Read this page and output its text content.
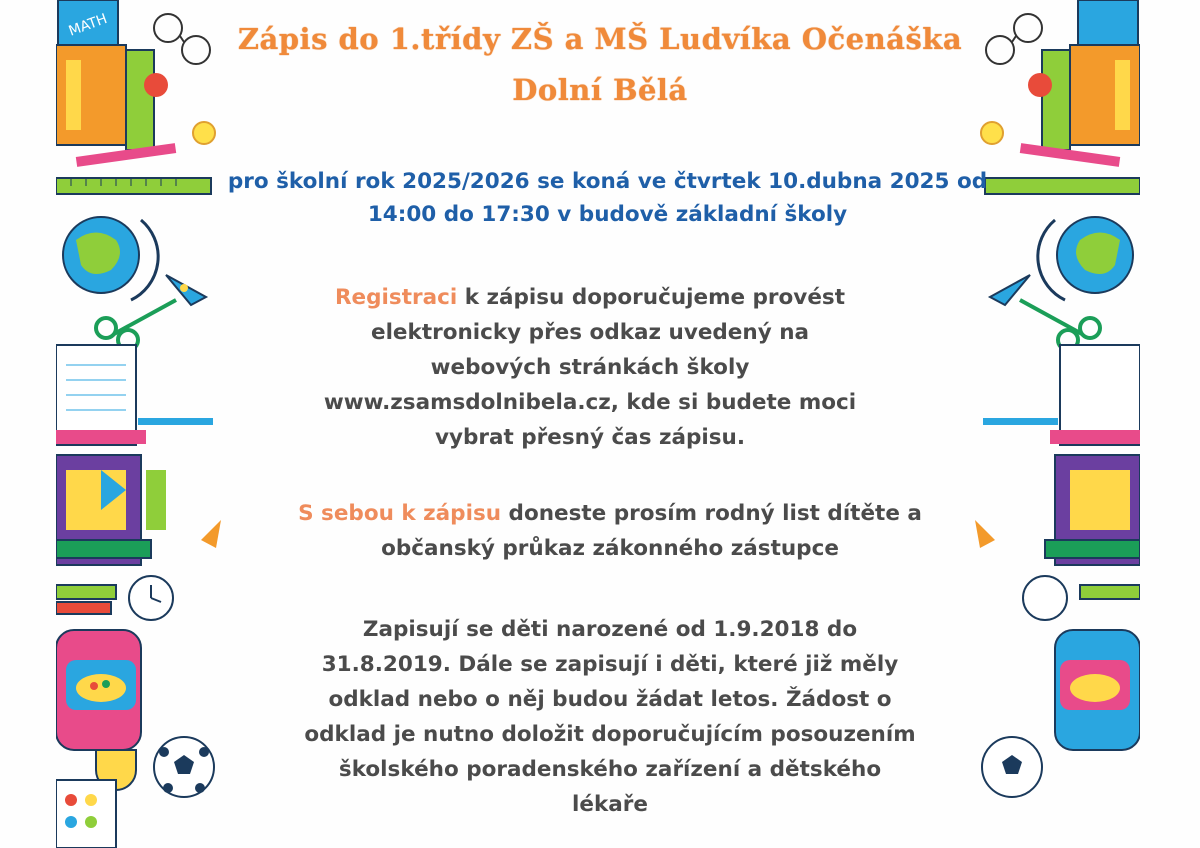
MATH	Zápis do 1.třídy ZŠ a MŠ Ludvíka Očenáška
Dolní Bělá

pro školní rok 2025/2026 se koná ve čtvrtek 10.dubna 2025 od
14:00 do 17:30 v budově základní školy

Registraci k zápisu doporučujeme provést
elektronicky přes odkaz uvedený na
webových stránkách školy
www.zsamsdolnibela.cz, kde si budete moci
vybrat přesný čas zápisu.

S sebou k zápisu doneste prosím rodný list dítěte a
občanský průkaz zákonného zástupce

Zapisují se děti narozené od 1.9.2018 do
31.8.2019. Dále se zapisují i děti, které již měly
odklad nebo o něj budou žádat letos. Žádost o
odklad je nutno doložit doporučujícím posouzením
školského poradenského zařízení a dětského
lékaře
